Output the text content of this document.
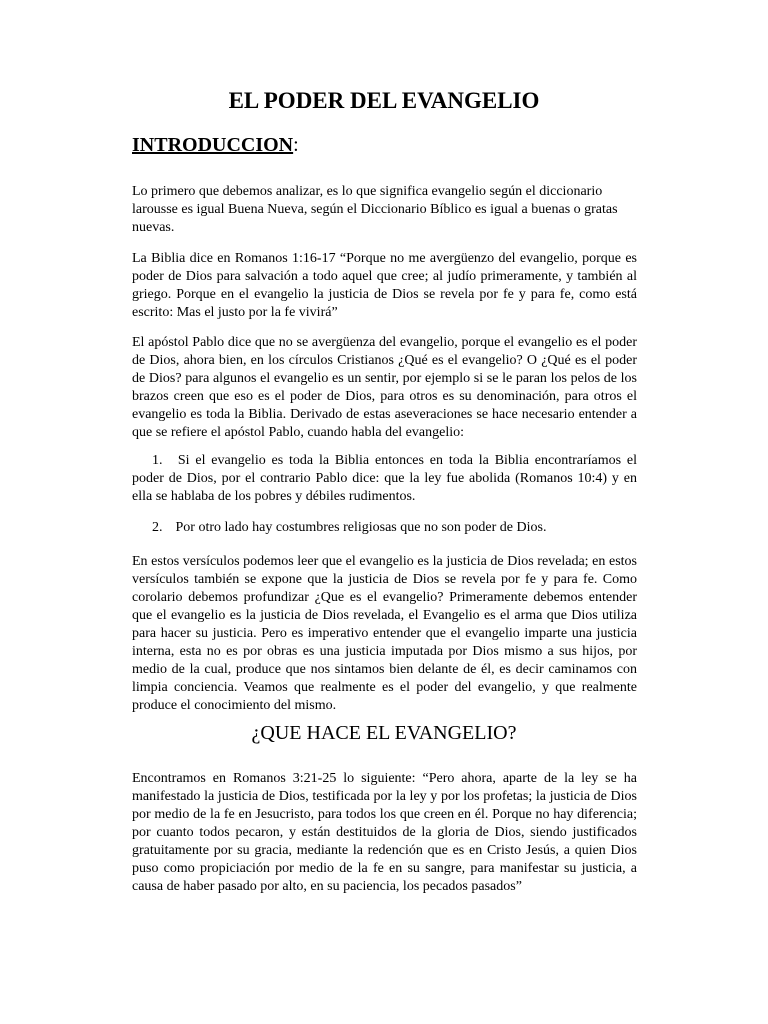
EL PODER DEL EVANGELIO
INTRODUCCION:

Lo primero que debemos analizar, es lo que significa evangelio según el diccionario larousse es igual Buena Nueva, según el Diccionario Bíblico es igual a buenas o gratas nuevas.

La Biblia dice en Romanos 1:16-17 “Porque no me avergüenzo del evangelio, porque es poder de Dios para salvación a todo aquel que cree; al judío primeramente, y también al griego. Porque en el evangelio la justicia de Dios se revela por fe y para fe, como está escrito: Mas el justo por la fe vivirá”

El apóstol Pablo dice que no se avergüenza del evangelio, porque el evangelio es el poder de Dios, ahora bien, en los círculos Cristianos ¿Qué es el evangelio? O ¿Qué es el poder de Dios? para algunos el evangelio es un sentir, por ejemplo si se le paran los pelos de los brazos creen que eso es el poder de Dios, para otros es su denominación, para otros el evangelio es toda la Biblia. Derivado de estas aseveraciones se hace necesario entender a que se refiere el apóstol Pablo, cuando habla del evangelio:

1. Si el evangelio es toda la Biblia entonces en toda la Biblia encontraríamos el poder de Dios, por el contrario Pablo dice: que la ley fue abolida (Romanos 10:4) y en ella se hablaba de los pobres y débiles rudimentos.

2. Por otro lado hay costumbres religiosas que no son poder de Dios.

En estos versículos podemos leer que el evangelio es la justicia de Dios revelada; en estos versículos también se expone que la justicia de Dios se revela por fe y para fe. Como corolario debemos profundizar ¿Que es el evangelio? Primeramente debemos entender que el evangelio es la justicia de Dios revelada, el Evangelio es el arma que Dios utiliza para hacer su justicia. Pero es imperativo entender que el evangelio imparte una justicia interna, esta no es por obras es una justicia imputada por Dios mismo a sus hijos, por medio de la cual, produce que nos sintamos bien delante de él, es decir caminamos con limpia conciencia. Veamos que realmente es el poder del evangelio, y que realmente produce el conocimiento del mismo.

¿QUE HACE EL EVANGELIO?

Encontramos en Romanos 3:21-25 lo siguiente: “Pero ahora, aparte de la ley se ha manifestado la justicia de Dios, testificada por la ley y por los profetas; la justicia de Dios por medio de la fe en Jesucristo, para todos los que creen en él. Porque no hay diferencia; por cuanto todos pecaron, y están destituidos de la gloria de Dios, siendo justificados gratuitamente por su gracia, mediante la redención que es en Cristo Jesús, a quien Dios puso como propiciación por medio de la fe en su sangre, para manifestar su justicia, a causa de haber pasado por alto, en su paciencia, los pecados pasados”
